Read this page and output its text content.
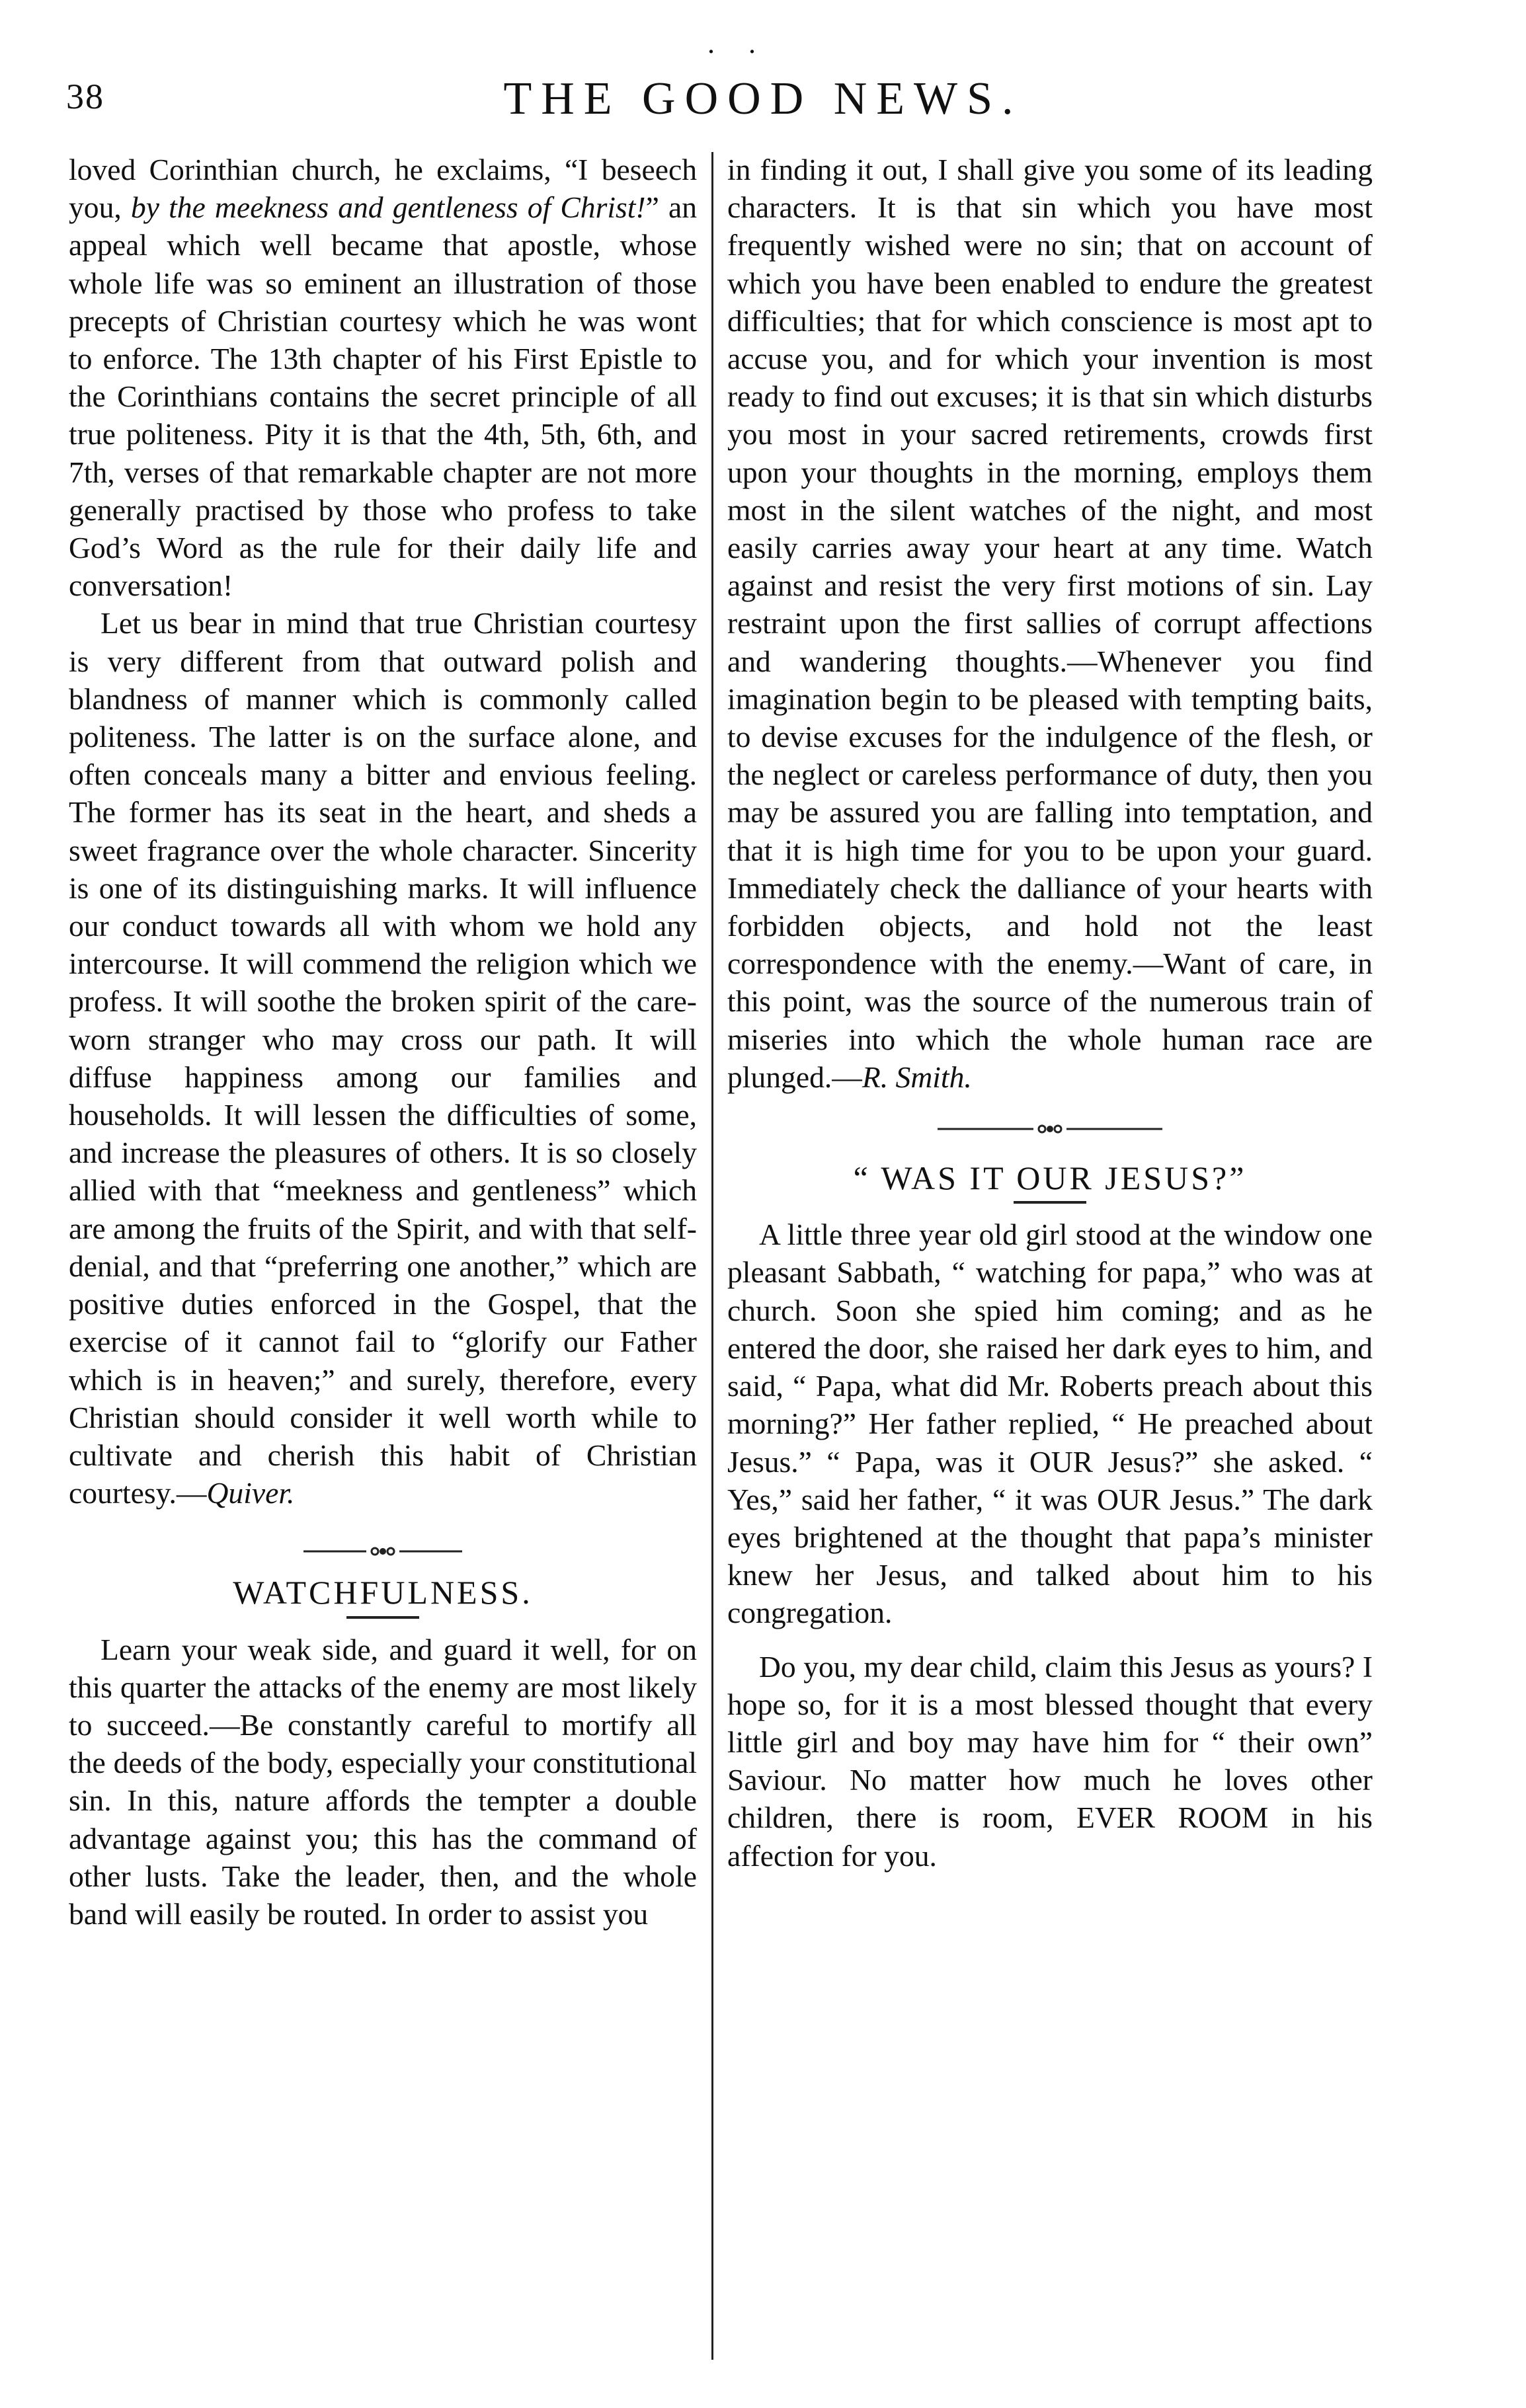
. .
38	THE GOOD NEWS.

loved Corinthian church, he exclaims, “I beseech you, by the meekness and gentleness of Christ!” an appeal which well became that apostle, whose whole life was so eminent an illustration of those precepts of Christian courtesy which he was wont to enforce. The 13th chapter of his First Epistle to the Corinthians contains the secret principle of all true politeness. Pity it is that the 4th, 5th, 6th, and 7th, verses of that remarkable chapter are not more generally practised by those who profess to take God’s Word as the rule for their daily life and conversation!

Let us bear in mind that true Christian courtesy is very different from that outward polish and blandness of manner which is commonly called politeness. The latter is on the surface alone, and often conceals many a bitter and envious feeling. The former has its seat in the heart, and sheds a sweet fragrance over the whole character. Sincerity is one of its distinguishing marks. It will influence our conduct towards all with whom we hold any intercourse. It will commend the religion which we profess. It will soothe the broken spirit of the care-worn stranger who may cross our path. It will diffuse happiness among our families and households. It will lessen the difficulties of some, and increase the pleasures of others. It is so closely allied with that “meekness and gentleness” which are among the fruits of the Spirit, and with that self-denial, and that “preferring one another,” which are positive duties enforced in the Gospel, that the exercise of it cannot fail to “glorify our Father which is in heaven;” and surely, therefore, every Christian should consider it well worth while to cultivate and cherish this habit of Christian courtesy.—Quiver.

WATCHFULNESS.

Learn your weak side, and guard it well, for on this quarter the attacks of the enemy are most likely to succeed.—Be constantly careful to mortify all the deeds of the body, especially your constitutional sin. In this, nature affords the tempter a double advantage against you; this has the command of other lusts. Take the leader, then, and the whole band will easily be routed. In order to assist you

in finding it out, I shall give you some of its leading characters. It is that sin which you have most frequently wished were no sin; that on account of which you have been enabled to endure the greatest difficulties; that for which conscience is most apt to accuse you, and for which your invention is most ready to find out excuses; it is that sin which disturbs you most in your sacred retirements, crowds first upon your thoughts in the morning, employs them most in the silent watches of the night, and most easily carries away your heart at any time. Watch against and resist the very first motions of sin. Lay restraint upon the first sallies of corrupt affections and wandering thoughts.—Whenever you find imagination begin to be pleased with tempting baits, to devise excuses for the indulgence of the flesh, or the neglect or careless performance of duty, then you may be assured you are falling into temptation, and that it is high time for you to be upon your guard. Immediately check the dalliance of your hearts with forbidden objects, and hold not the least correspondence with the enemy.—Want of care, in this point, was the source of the numerous train of miseries into which the whole human race are plunged.—R. Smith.

“ WAS IT OUR JESUS?”

A little three year old girl stood at the window one pleasant Sabbath, “ watching for papa,” who was at church. Soon she spied him coming; and as he entered the door, she raised her dark eyes to him, and said, “ Papa, what did Mr. Roberts preach about this morning?” Her father replied, “ He preached about Jesus.” “ Papa, was it OUR Jesus?” she asked. “ Yes,” said her father, “ it was OUR Jesus.” The dark eyes brightened at the thought that papa’s minister knew her Jesus, and talked about him to his congregation.

Do you, my dear child, claim this Jesus as yours? I hope so, for it is a most blessed thought that every little girl and boy may have him for “ their own” Saviour. No matter how much he loves other children, there is room, EVER ROOM in his affection for you.
